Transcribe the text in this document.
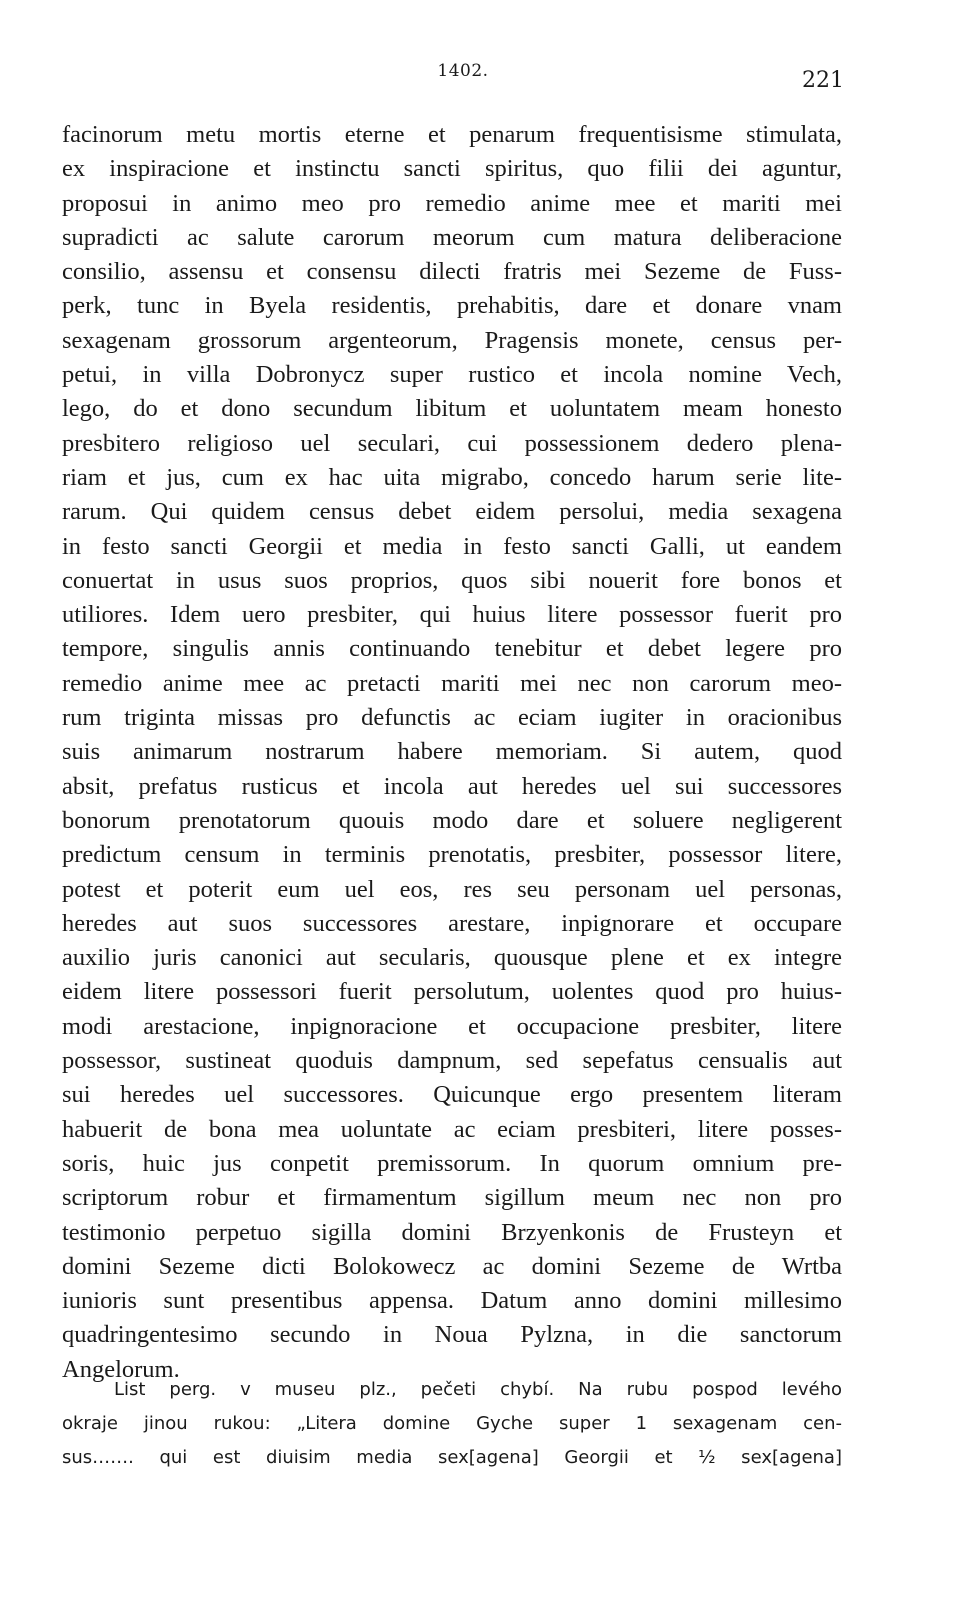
1402.	221
facinorum metu mortis eterne et penarum frequentisisme stimulata,
ex inspiracione et instinctu sancti spiritus, quo filii dei aguntur,
proposui in animo meo pro remedio anime mee et mariti mei
supradicti ac salute carorum meorum cum matura deliberacione
consilio, assensu et consensu dilecti fratris mei Sezeme de Fuss-
perk, tunc in Byela residentis, prehabitis, dare et donare vnam
sexagenam grossorum argenteorum, Pragensis monete, census per-
petui, in villa Dobronycz super rustico et incola nomine Vech,
lego, do et dono secundum libitum et uoluntatem meam honesto
presbitero religioso uel seculari, cui possessionem dedero plena-
riam et jus, cum ex hac uita migrabo, concedo harum serie lite-
rarum. Qui quidem census debet eidem persolui, media sexagena
in festo sancti Georgii et media in festo sancti Galli, ut eandem
conuertat in usus suos proprios, quos sibi nouerit fore bonos et
utiliores. Idem uero presbiter, qui huius litere possessor fuerit pro
tempore, singulis annis continuando tenebitur et debet legere pro
remedio anime mee ac pretacti mariti mei nec non carorum meo-
rum triginta missas pro defunctis ac eciam iugiter in oracionibus
suis animarum nostrarum habere memoriam. Si autem, quod
absit, prefatus rusticus et incola aut heredes uel sui successores
bonorum prenotatorum quouis modo dare et soluere negligerent
predictum censum in terminis prenotatis, presbiter, possessor litere,
potest et poterit eum uel eos, res seu personam uel personas,
heredes aut suos successores arestare, inpignorare et occupare
auxilio juris canonici aut secularis, quousque plene et ex integre
eidem litere possessori fuerit persolutum, uolentes quod pro huius-
modi arestacione, inpignoracione et occupacione presbiter, litere
possessor, sustineat quoduis dampnum, sed sepefatus censualis aut
sui heredes uel successores. Quicunque ergo presentem literam
habuerit de bona mea uoluntate ac eciam presbiteri, litere posses-
soris, huic jus conpetit premissorum. In quorum omnium pre-
scriptorum robur et firmamentum sigillum meum nec non pro
testimonio perpetuo sigilla domini Brzyenkonis de Frusteyn et
domini Sezeme dicti Bolokowecz ac domini Sezeme de Wrtba
iunioris sunt presentibus appensa. Datum anno domini millesimo
quadringentesimo secundo in Noua Pylzna, in die sanctorum
Angelorum.
List perg. v museu plz., pečeti chybí. Na rubu pospod levého
okraje jinou rukou: „Litera domine Gyche super 1 sexagenam cen-
sus……. qui est diuisim media sex[agena] Georgii et ½ sex[agena]
